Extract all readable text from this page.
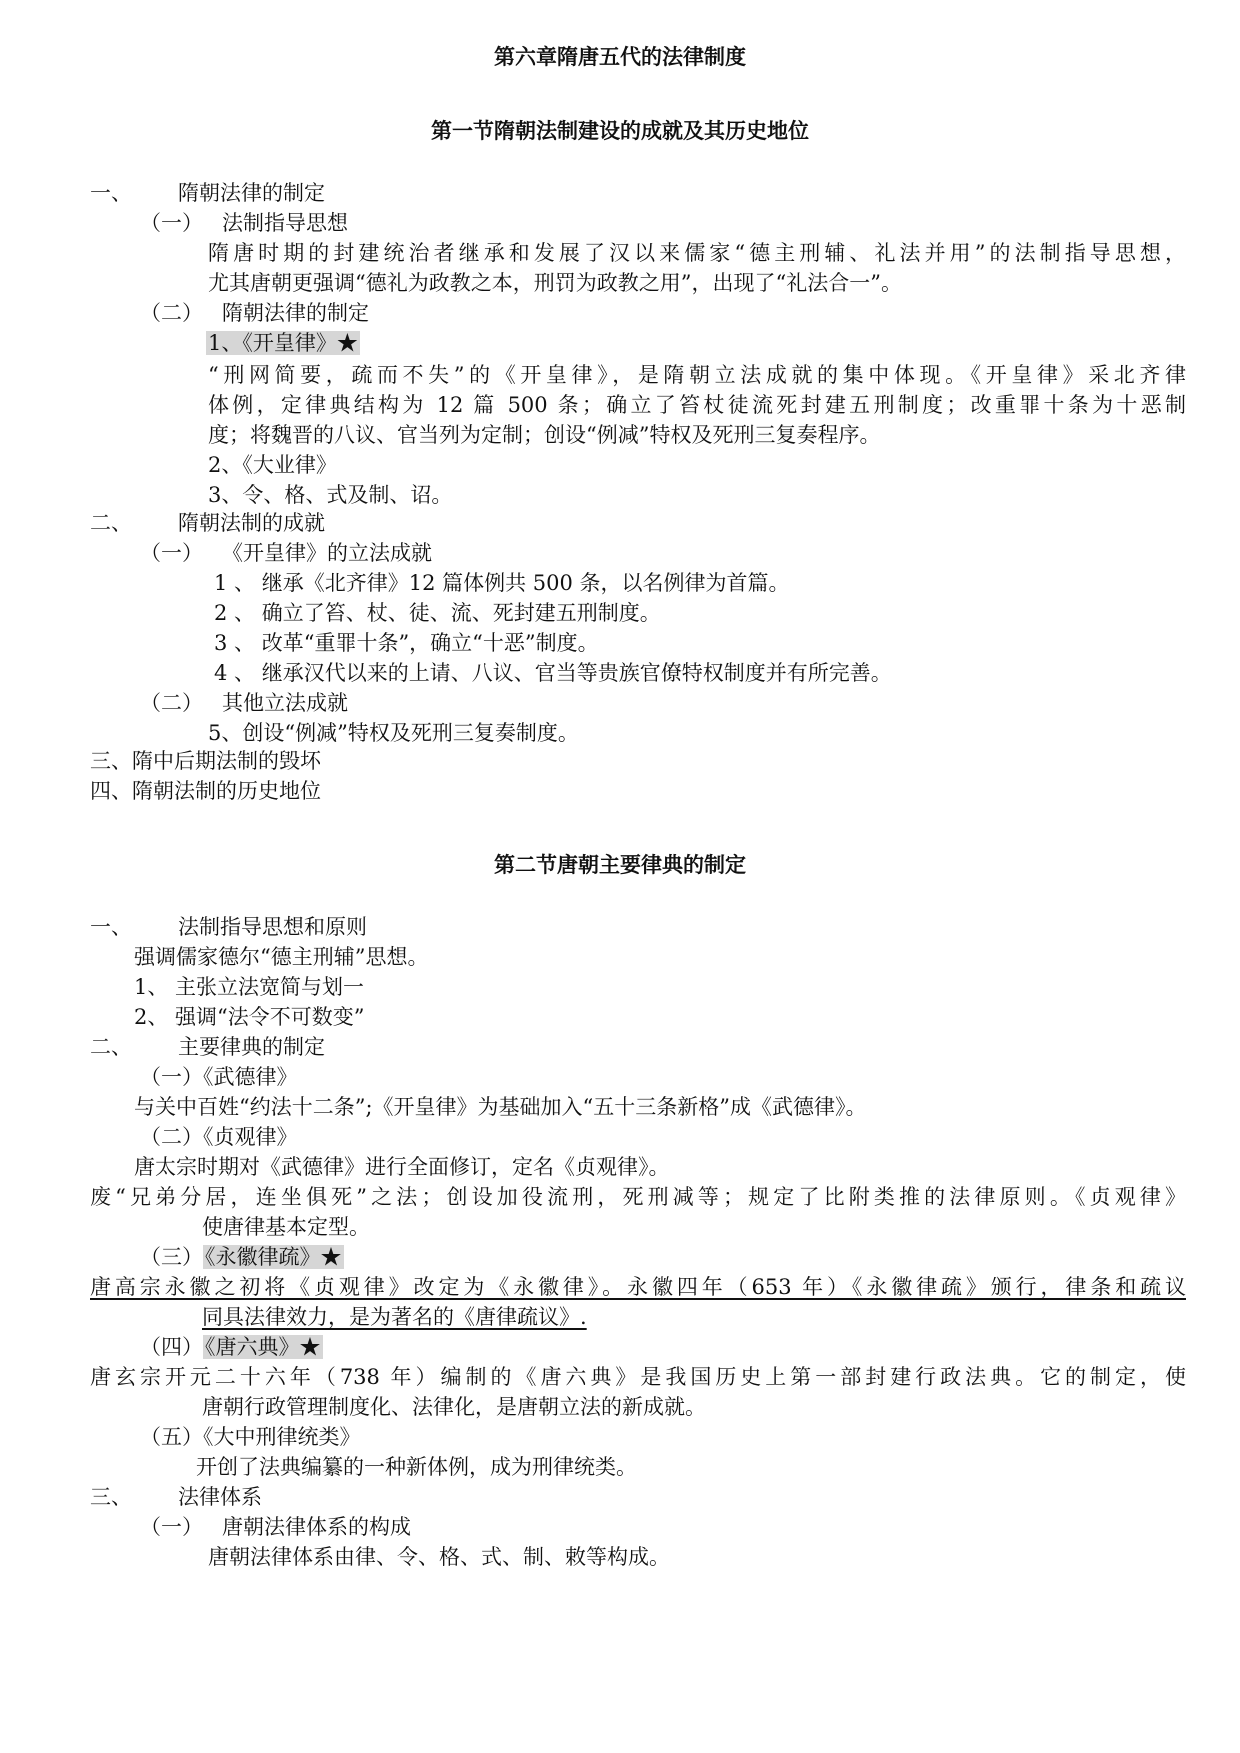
第六章隋唐五代的法律制度
第一节隋朝法制建设的成就及其历史地位
一、 隋朝法律的制定
（一） 法制指导思想
隋唐时期的封建统治者继承和发展了汉以来儒家“德主刑辅、礼法并用”的法制指导思想，
尤其唐朝更强调“德礼为政教之本，刑罚为政教之用”，出现了“礼法合一”。
（二） 隋朝法律的制定
1、《开皇律》★
“刑网简要，疏而不失”的《开皇律》，是隋朝立法成就的集中体现。《开皇律》采北齐律
体例，定律典结构为 12 篇 500 条；确立了笞杖徒流死封建五刑制度；改重罪十条为十恶制
度；将魏晋的八议、官当列为定制；创设“例减”特权及死刑三复奏程序。
2、《大业律》
3、令、格、式及制、诏。
二、 隋朝法制的成就
（一） 《开皇律》的立法成就
1 、 继承《北齐律》12 篇体例共 500 条，以名例律为首篇。
2 、 确立了笞、杖、徒、流、死封建五刑制度。
3 、 改革“重罪十条”，确立“十恶”制度。
4 、 继承汉代以来的上请、八议、官当等贵族官僚特权制度并有所完善。
（二） 其他立法成就
5、创设“例减”特权及死刑三复奏制度。
三、隋中后期法制的毁坏
四、隋朝法制的历史地位
第二节唐朝主要律典的制定
一、 法制指导思想和原则
强调儒家德尔“德主刑辅”思想。
1、 主张立法宽简与划一
2、 强调“法令不可数变”
二、 主要律典的制定
（一）《武德律》
与关中百姓“约法十二条”;《开皇律》为基础加入“五十三条新格”成《武德律》。
（二）《贞观律》
唐太宗时期对《武德律》进行全面修订，定名《贞观律》。
废“兄弟分居，连坐俱死”之法；创设加役流刑，死刑减等；规定了比附类推的法律原则。《贞观律》
使唐律基本定型。
（三）《永徽律疏》★
唐高宗永徽之初将《贞观律》改定为《永徽律》。永徽四年（653 年）《永徽律疏》颁行，律条和疏议
同具法律效力，是为著名的《唐律疏议》.
（四）《唐六典》★
唐玄宗开元二十六年（738 年）编制的《唐六典》是我国历史上第一部封建行政法典。它的制定，使
唐朝行政管理制度化、法律化，是唐朝立法的新成就。
（五）《大中刑律统类》
开创了法典编纂的一种新体例，成为刑律统类。
三、 法律体系
（一） 唐朝法律体系的构成
唐朝法律体系由律、令、格、式、制、敕等构成。
